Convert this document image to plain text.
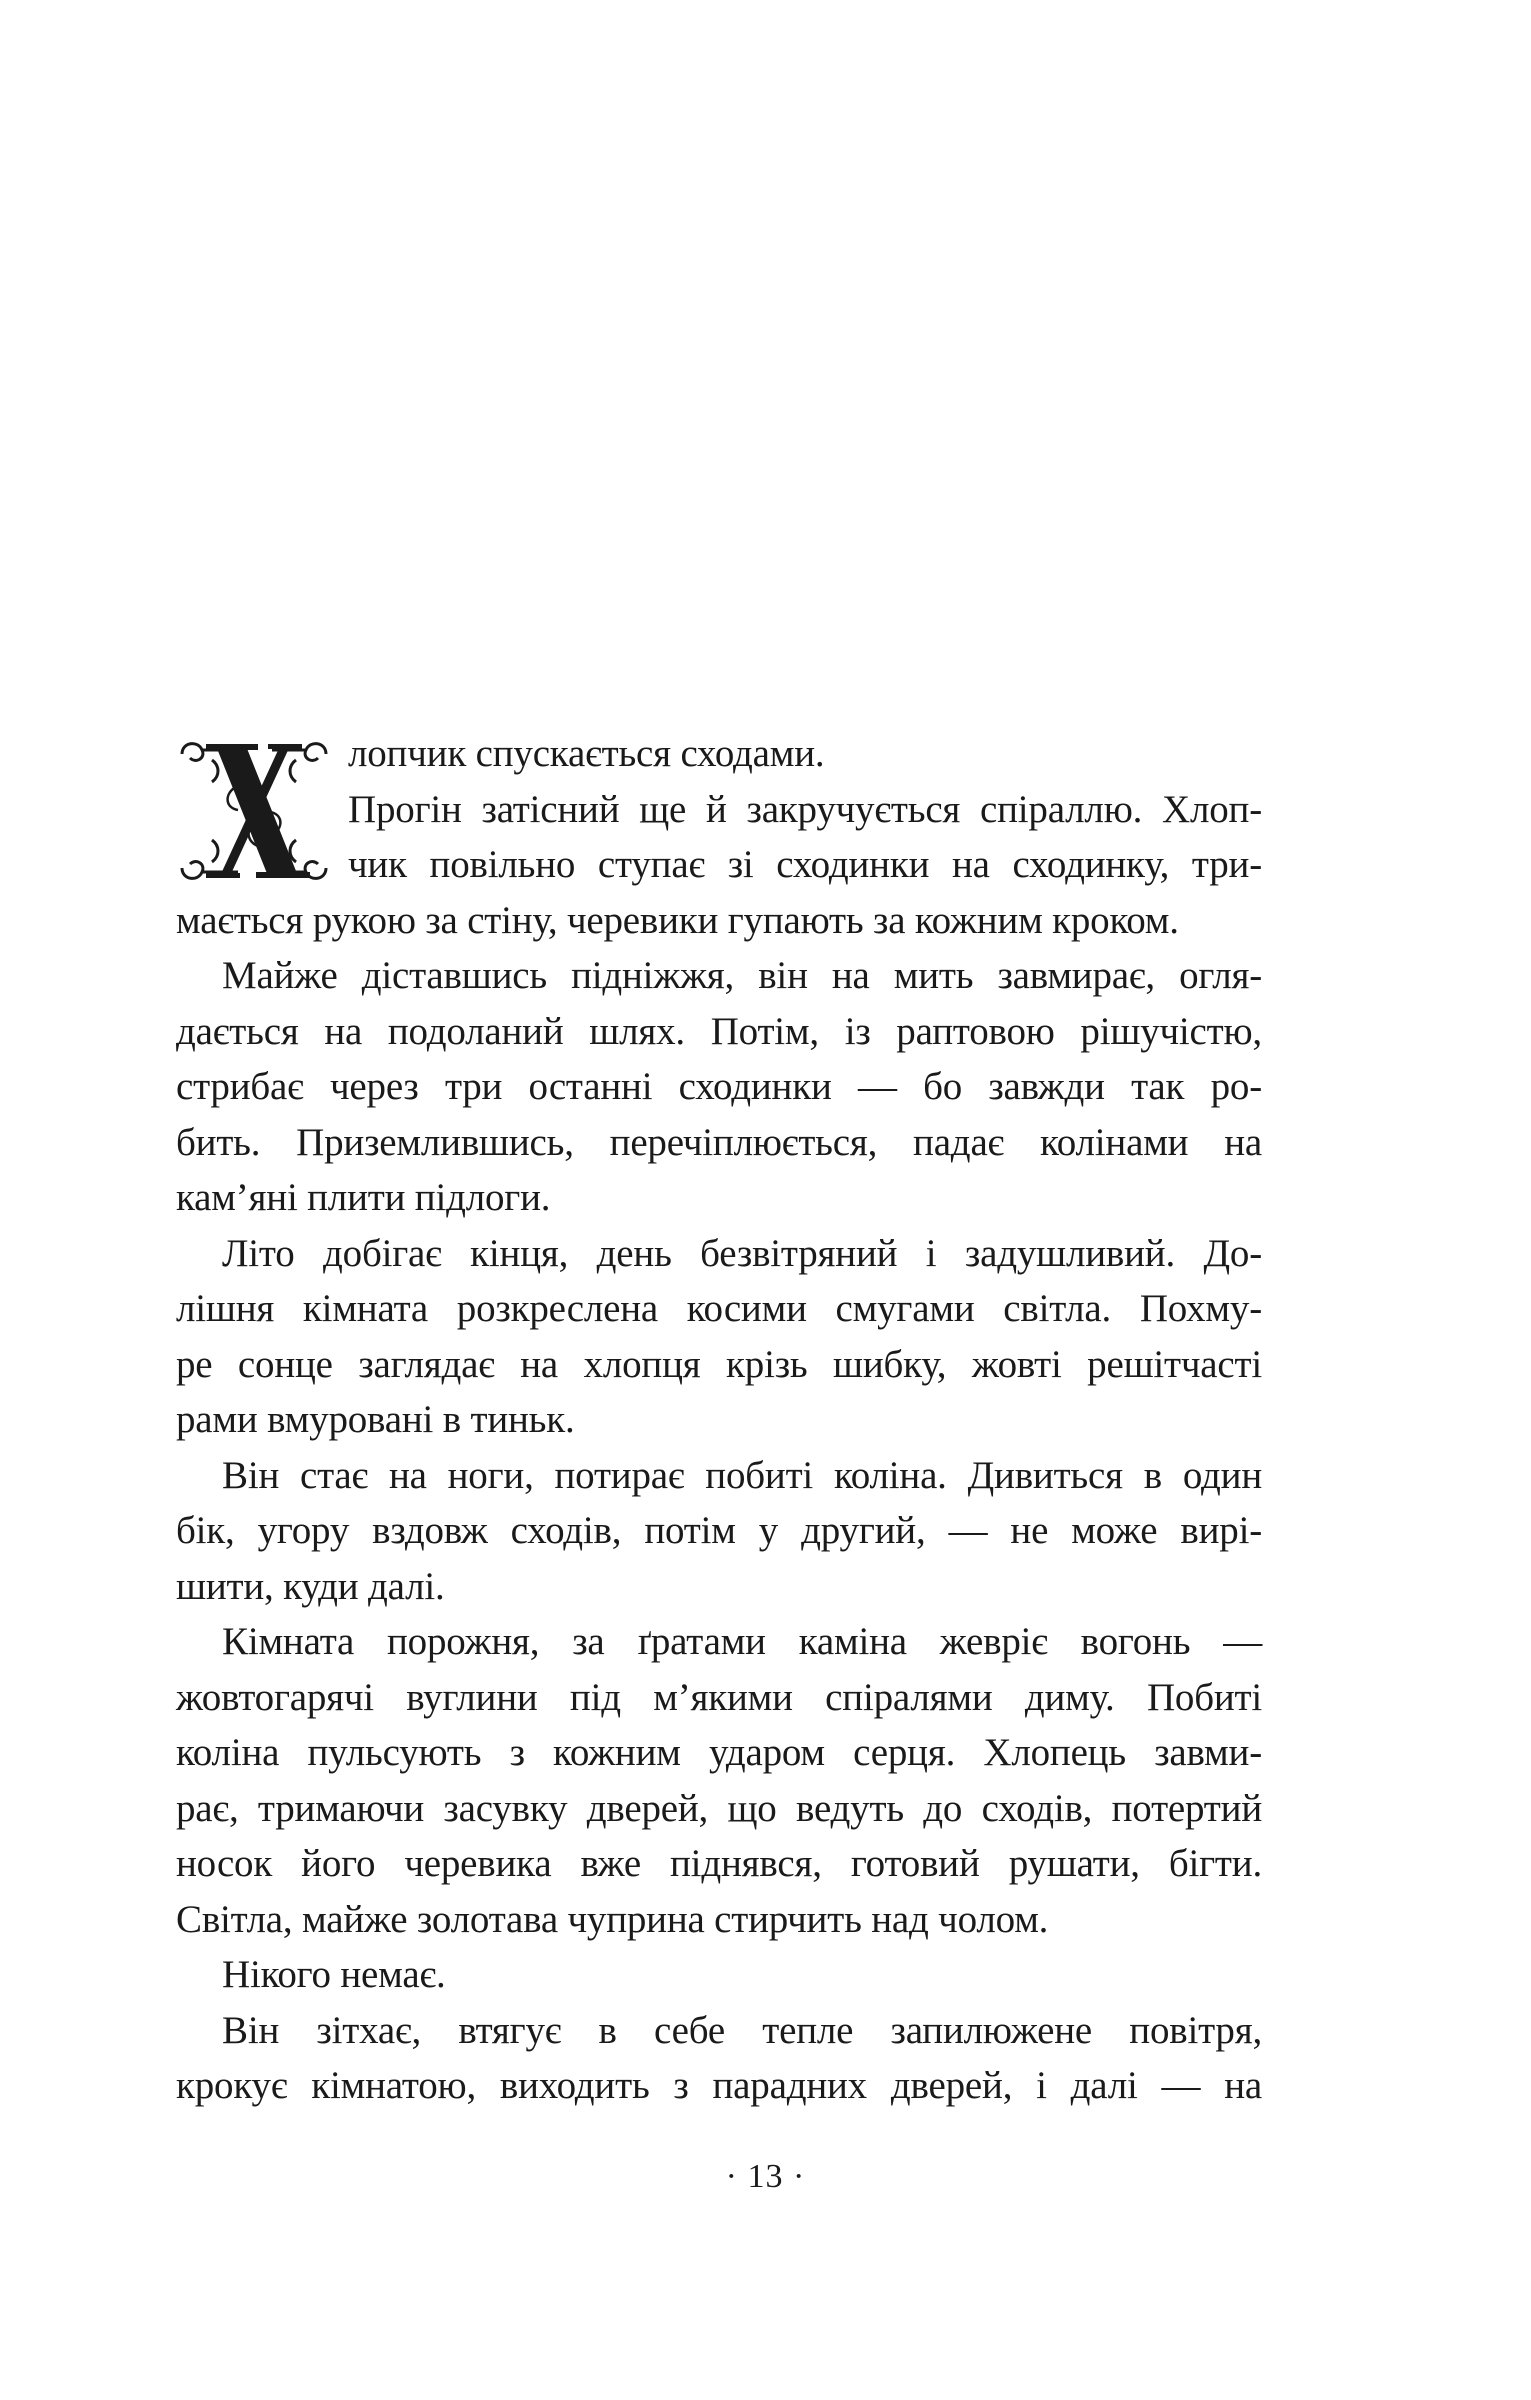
лопчик спускається сходами.
Прогін затісний ще й закручується спіраллю. Хлоп-
чик повільно ступає зі сходинки на сходинку, три-
мається рукою за стіну, черевики гупають за кожним кроком.
Майже діставшись підніжжя, він на мить завмирає, огля-
дається на подоланий шлях. Потім, із раптовою рішучістю,
стрибає через три останні сходинки — бо завжди так ро-
бить. Приземлившись, перечіплюється, падає колінами на
кам’яні плити підлоги.
Літо добігає кінця, день безвітряний і задушливий. До-
лішня кімната розкреслена косими смугами світла. Похму-
ре сонце заглядає на хлопця крізь шибку, жовті решітчасті
рами вмуровані в тиньк.
Він стає на ноги, потирає побиті коліна. Дивиться в один
бік, угору вздовж сходів, потім у другий, — не може вирі-
шити, куди далі.
Кімната порожня, за ґратами каміна жевріє вогонь —
жовтогарячі вуглини під м’якими спіралями диму. Побиті
коліна пульсують з кожним ударом серця. Хлопець завми-
рає, тримаючи засувку дверей, що ведуть до сходів, потертий
носок його черевика вже піднявся, готовий рушати, бігти.
Світла, майже золотава чуприна стирчить над чолом.
Нікого немає.
Він зітхає, втягує в себе тепле запилюжене повітря,
крокує кімнатою, виходить з парадних дверей, і далі — на
· 13 ·
